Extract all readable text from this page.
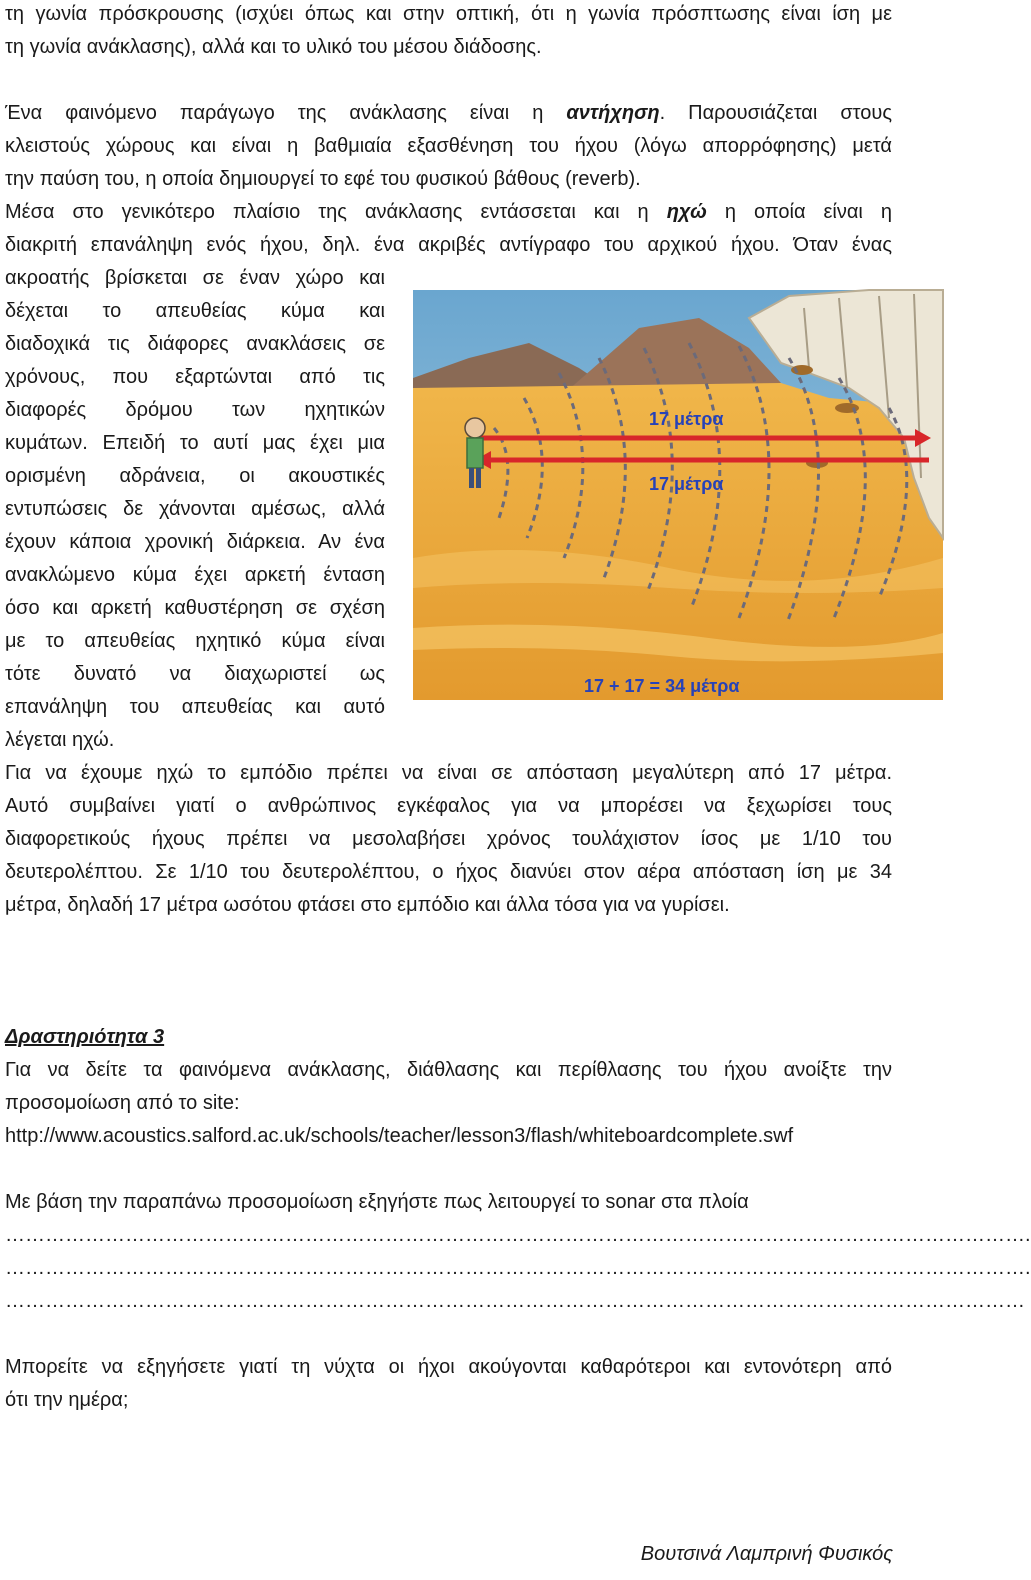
τη γωνία πρόσκρουσης (ισχύει όπως και στην οπτική, ότι η γωνία πρόσπτωσης είναι ίση με
τη γωνία ανάκλασης), αλλά και το υλικό του μέσου διάδοσης.
Ένα φαινόμενο παράγωγο της ανάκλασης είναι η αντήχηση. Παρουσιάζεται στους
κλειστούς χώρους και είναι η βαθμιαία εξασθένηση του ήχου (λόγω απορρόφησης) μετά
την παύση του, η οποία δημιουργεί το εφέ του φυσικού βάθους (reverb).
Μέσα στο γενικότερο πλαίσιο της ανάκλασης εντάσσεται και η ηχώ η οποία είναι η
διακριτή επανάληψη ενός ήχου, δηλ. ένα ακριβές αντίγραφο του αρχικού ήχου. Όταν ένας
ακροατής βρίσκεται σε έναν χώρο και
δέχεται το απευθείας κύμα και
διαδοχικά τις διάφορες ανακλάσεις σε
χρόνους, που εξαρτώνται από τις
διαφορές δρόμου των ηχητικών
κυμάτων. Επειδή το αυτί μας έχει μια
ορισμένη αδράνεια, οι ακουστικές
εντυπώσεις δε χάνονται αμέσως, αλλά
έχουν κάποια χρονική διάρκεια. Αν ένα
ανακλώμενο κύμα έχει αρκετή ένταση
όσο και αρκετή καθυστέρηση σε σχέση
με το απευθείας ηχητικό κύμα είναι
τότε δυνατό να διαχωριστεί ως
επανάληψη του απευθείας και αυτό
λέγεται ηχώ.
17 μέτρα
17 μέτρα
17 + 17 = 34 μέτρα
Για να έχουμε ηχώ το εμπόδιο πρέπει να είναι σε απόσταση μεγαλύτερη από 17 μέτρα.
Αυτό συμβαίνει γιατί ο ανθρώπινος εγκέφαλος για να μπορέσει να ξεχωρίσει τους
διαφορετικούς ήχους πρέπει να μεσολαβήσει χρόνος τουλάχιστον ίσος με 1/10 του
δευτερολέπτου. Σε 1/10 του δευτερολέπτου, ο ήχος διανύει στον αέρα απόσταση ίση με 34
μέτρα, δηλαδή 17 μέτρα ωσότου φτάσει στο εμπόδιο και άλλα τόσα για να γυρίσει.
Δραστηριότητα 3
Για να δείτε τα φαινόμενα ανάκλασης, διάθλασης και περίθλασης του ήχου ανοίξτε την
προσομοίωση από το site:
http://www.acoustics.salford.ac.uk/schools/teacher/lesson3/flash/whiteboardcomplete.swf
Με βάση την παραπάνω προσομοίωση εξηγήστε πως λειτουργεί το sonar στα πλοία
……………………………………………………………………………………………………………………………………….
……………………………………………………………………………………………………………………………………….
………………………………………………………………………………………………………………………………………
Μπορείτε να εξηγήσετε γιατί τη νύχτα οι ήχοι ακούγονται καθαρότεροι και εντονότερη από
ότι την ημέρα;
Βουτσινά Λαμπρινή Φυσικός
